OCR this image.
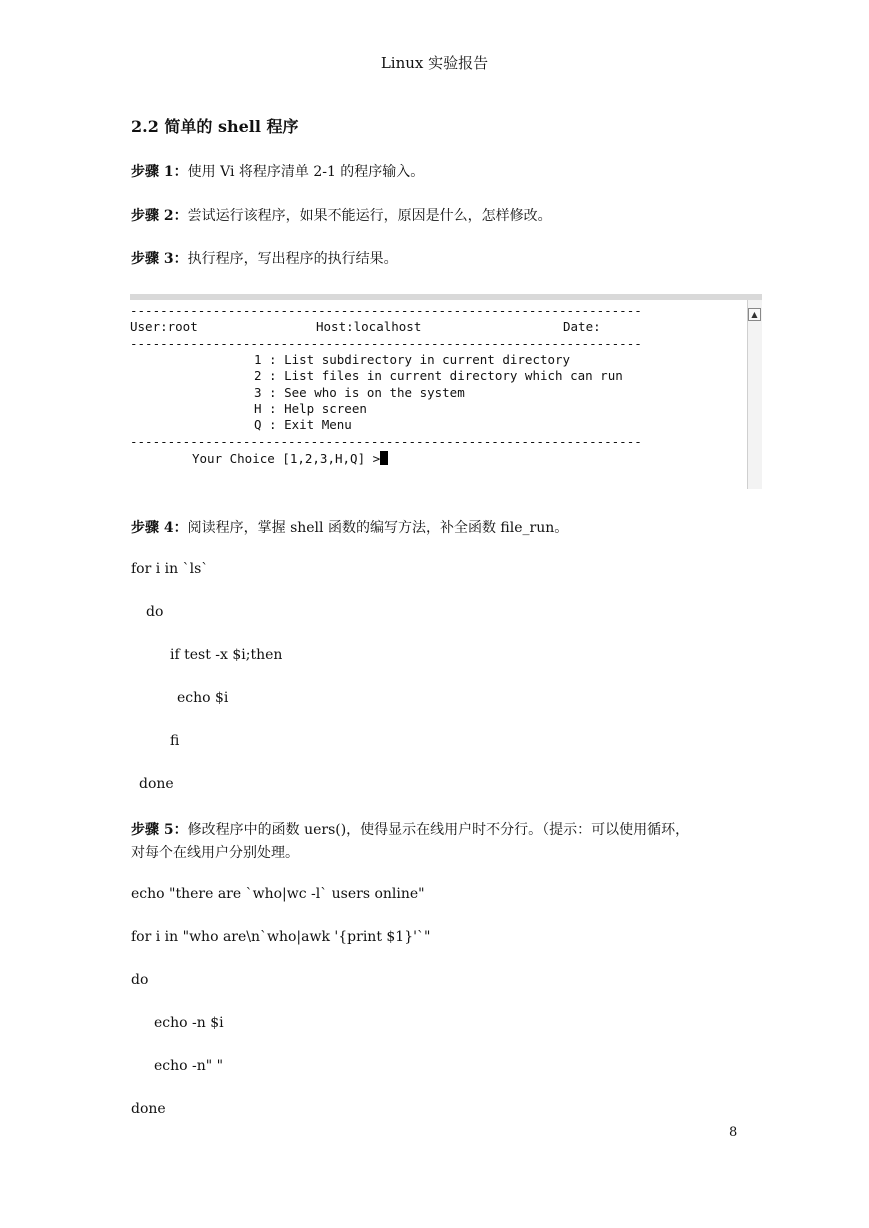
Linux 实验报告
2.2 简单的 shell 程序
步骤 1：使用 Vi 将程序清单 2-1 的程序输入。
步骤 2：尝试运行该程序，如果不能运行，原因是什么，怎样修改。
步骤 3：执行程序，写出程序的执行结果。
▲
--------------------------------------------------------------------
User:root	Host:localhost	Date:
--------------------------------------------------------------------
1 : List subdirectory in current directory
2 : List files in current directory which can run
3 : See who is on the system
H : Help screen
Q : Exit Menu
--------------------------------------------------------------------
Your Choice [1,2,3,H,Q] >
步骤 4：阅读程序，掌握 shell 函数的编写方法，补全函数 file_run。
for i in `ls`
do
if test -x $i;then
echo $i
fi
done
步骤 5：修改程序中的函数 uers()，使得显示在线用户时不分行。（提示：可以使用循环，
对每个在线用户分别处理。
echo "there are `who|wc -l` users online"
for i in "who are\n`who|awk '{print $1}'`"
do
echo -n $i
echo -n" "
done
8
